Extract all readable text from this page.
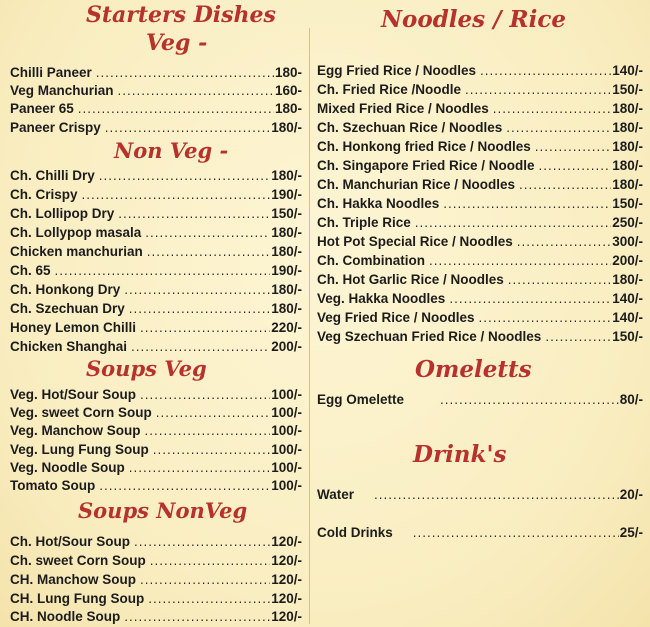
Starters Dishes
Veg -
Chilli Paneer .....	180-
Veg Manchurian .....	160-
Paneer 65 .....	180-
Paneer Crispy .....	180/-
Non Veg -
Ch. Chilli Dry .....	180/-
Ch. Crispy .....	190/-
Ch. Lollipop Dry .....	150/-
Ch. Lollypop masala .....	180/-
Chicken manchurian .....	180/-
Ch. 65 .....	190/-
Ch. Honkong Dry .....	180/-
Ch. Szechuan Dry .....	180/-
Honey Lemon Chilli .....	220/-
Chicken Shanghai .....	200/-
Soups Veg
Veg. Hot/Sour Soup .....	100/-
Veg. sweet Corn Soup .....	100/-
Veg. Manchow Soup .....	100/-
Veg. Lung Fung Soup .....	100/-
Veg. Noodle Soup .....	100/-
Tomato Soup .....	100/-
Soups NonVeg
Ch. Hot/Sour Soup .....	120/-
Ch. sweet Corn Soup .....	120/-
CH. Manchow Soup .....	120/-
CH. Lung Fung Soup .....	120/-
CH. Noodle Soup .....	120/-
Noodles / Rice
Egg Fried Rice / Noodles .....	140/-
Ch. Fried Rice /Noodle .....	150/-
Mixed Fried Rice / Noodles .....	180/-
Ch. Szechuan Rice / Noodles .....	180/-
Ch. Honkong fried Rice / Noodles .....	180/-
Ch. Singapore Fried Rice / Noodle .....	180/-
Ch. Manchurian Rice / Noodles .....	180/-
Ch. Hakka Noodles .....	150/-
Ch. Triple Rice .....	250/-
Hot Pot Special Rice / Noodles .....	300/-
Ch. Combination .....	200/-
Ch. Hot Garlic Rice / Noodles .....	180/-
Veg. Hakka Noodles .....	140/-
Veg Fried Rice / Noodles .....	140/-
Veg Szechuan Fried Rice / Noodles .....	150/-
Omeletts
Egg Omelette .....	80/-
Drink's
Water .....	20/-
Cold Drinks .....	25/-
